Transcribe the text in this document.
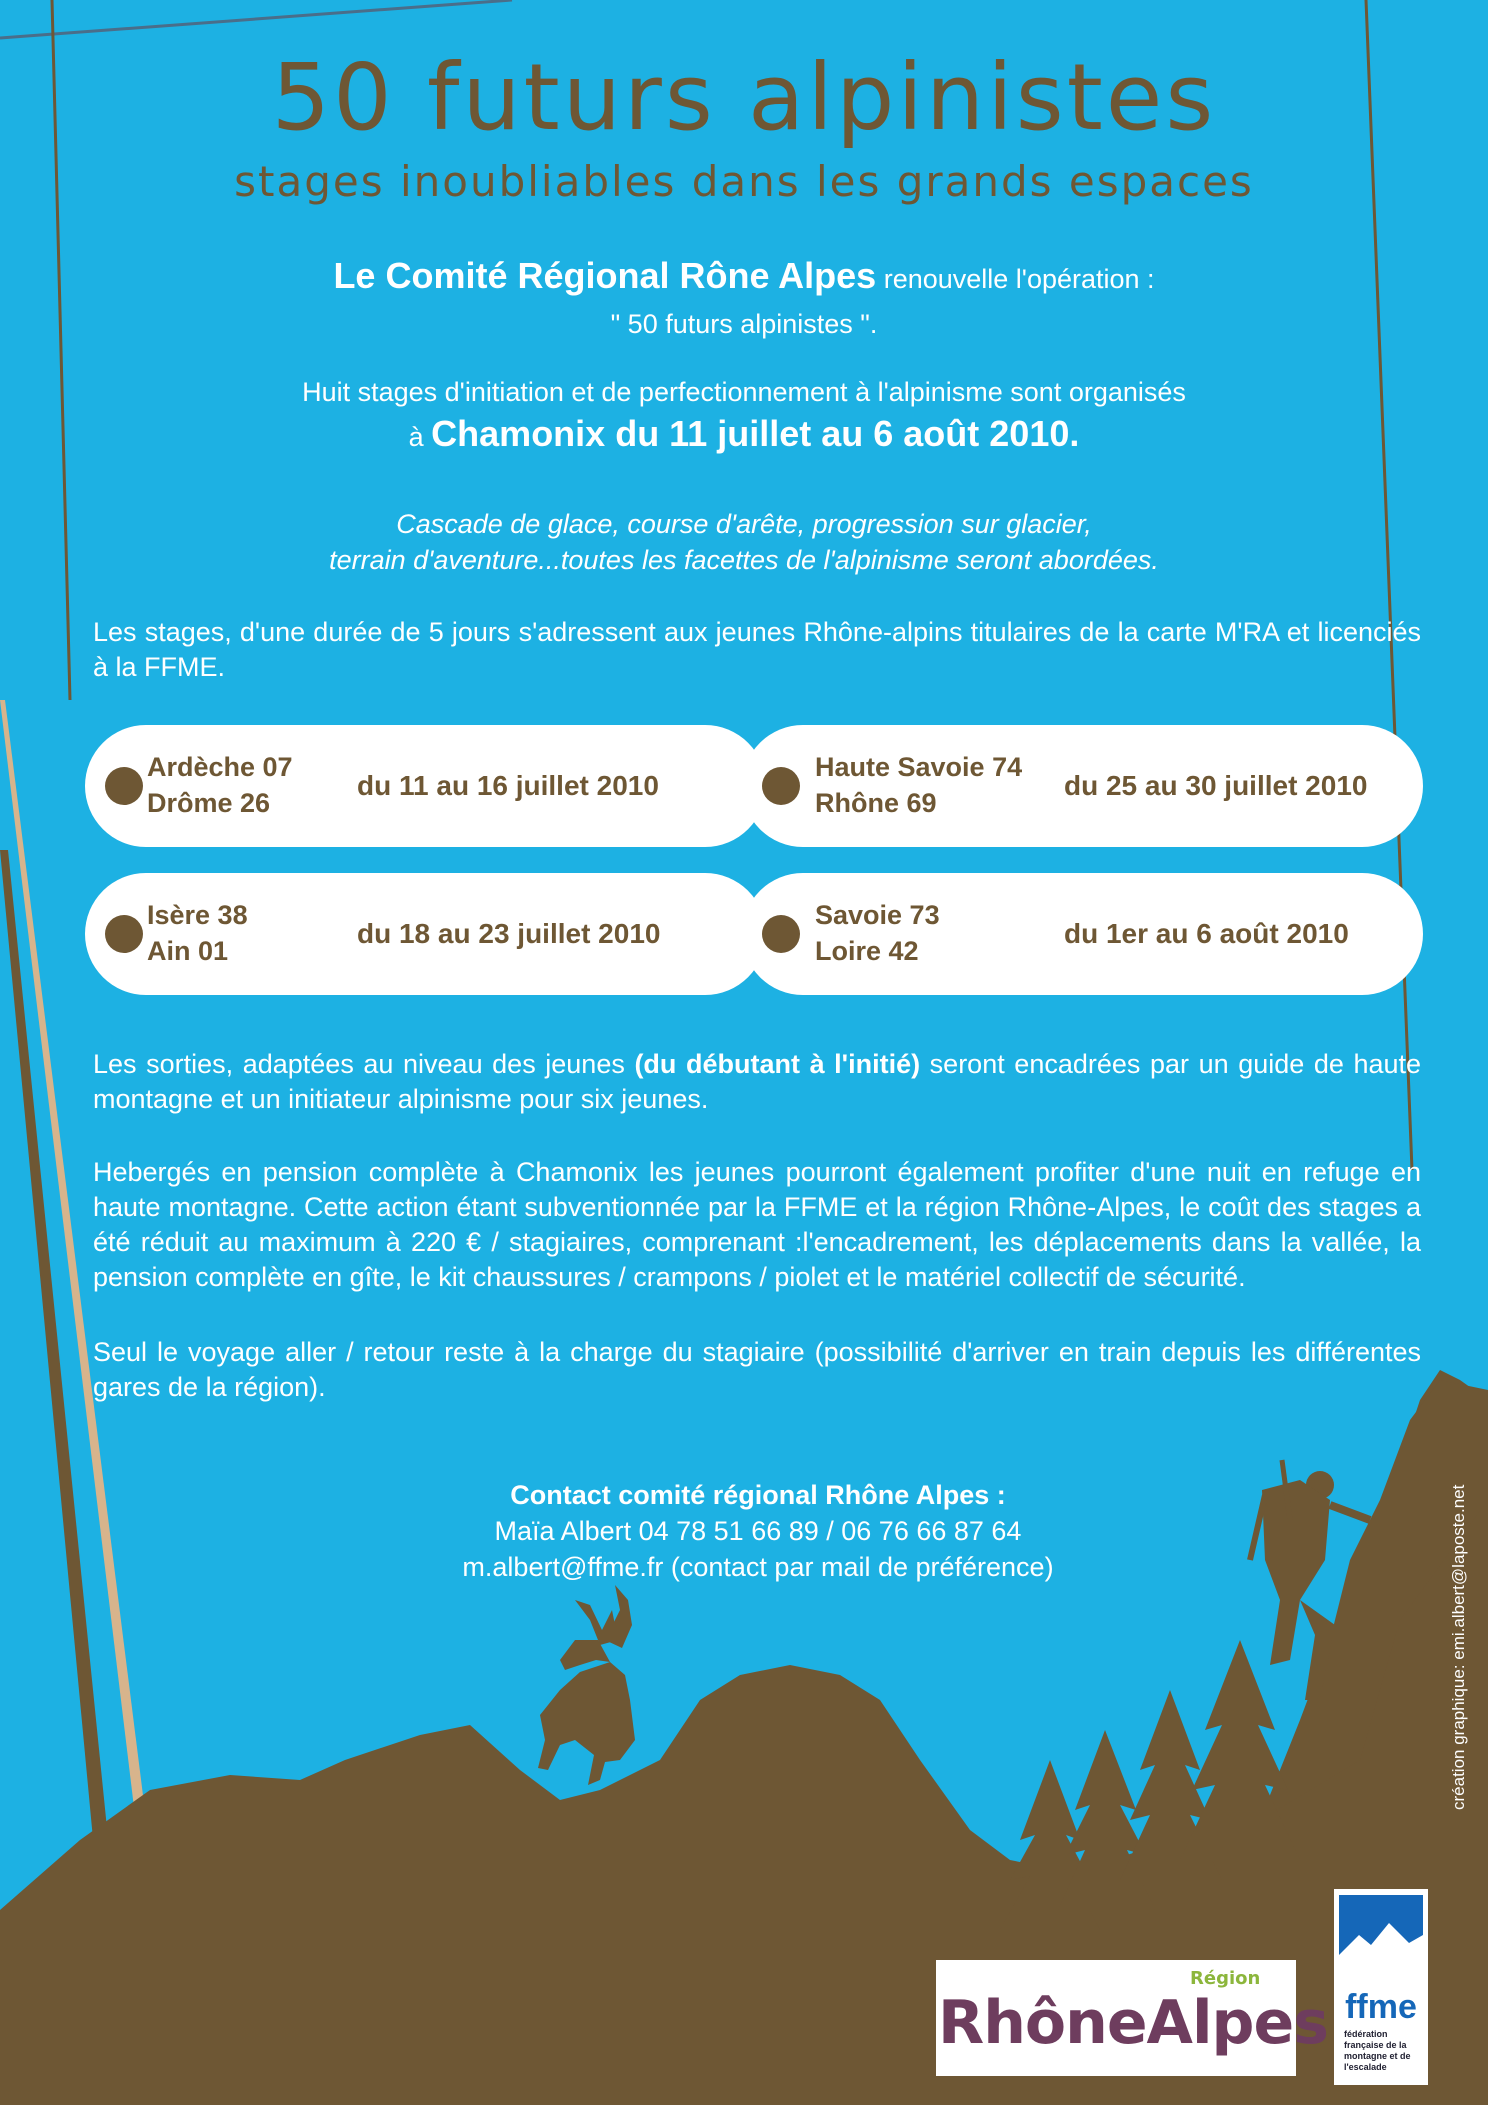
50 futurs alpinistes
stages inoubliables dans les grands espaces
Le Comité Régional Rône Alpes renouvelle l'opération :
" 50 futurs alpinistes ".
Huit stages d'initiation et de perfectionnement à l'alpinisme sont organisés
à Chamonix du 11 juillet au 6 août 2010.
Cascade de glace, course d'arête, progression sur glacier,
terrain d'aventure...toutes les facettes de l'alpinisme seront abordées.

Les stages, d'une durée de 5 jours s'adressent aux jeunes Rhône-alpins titulaires de la carte M'RA et licenciés à la FFME.

Ardèche 07
Drôme 26
du 11 au 16 juillet 2010
Haute Savoie 74
Rhône 69
du 25 au 30 juillet 2010
Isère 38
Ain 01
du 18 au 23 juillet 2010
Savoie 73
Loire 42
du 1er au 6 août 2010

Les sorties, adaptées au niveau des jeunes (du débutant à l'initié) seront encadrées par un guide de haute montagne et un initiateur alpinisme pour six jeunes.

Hebergés en pension complète à Chamonix les jeunes pourront également profiter d'une nuit en refuge en haute montagne. Cette action étant subventionnée par la FFME et la région Rhône-Alpes, le coût des stages a été réduit au maximum à 220 € / stagiaires, comprenant :l'encadrement, les déplacements dans la vallée, la pension complète en gîte, le kit chaussures / crampons / piolet et le matériel collectif de sécurité.

Seul le voyage aller / retour reste à la charge du stagiaire (possibilité d'arriver en train depuis les différentes gares de la région).

Contact comité régional Rhône Alpes :
Maïa Albert 04 78 51 66 89 / 06 76 66 87 64
m.albert@ffme.fr (contact par mail de préférence)	création graphique: emi.albert@laposte.net
Région
RhôneAlpes ffme
fédération française de la montagne et de l'escalade
